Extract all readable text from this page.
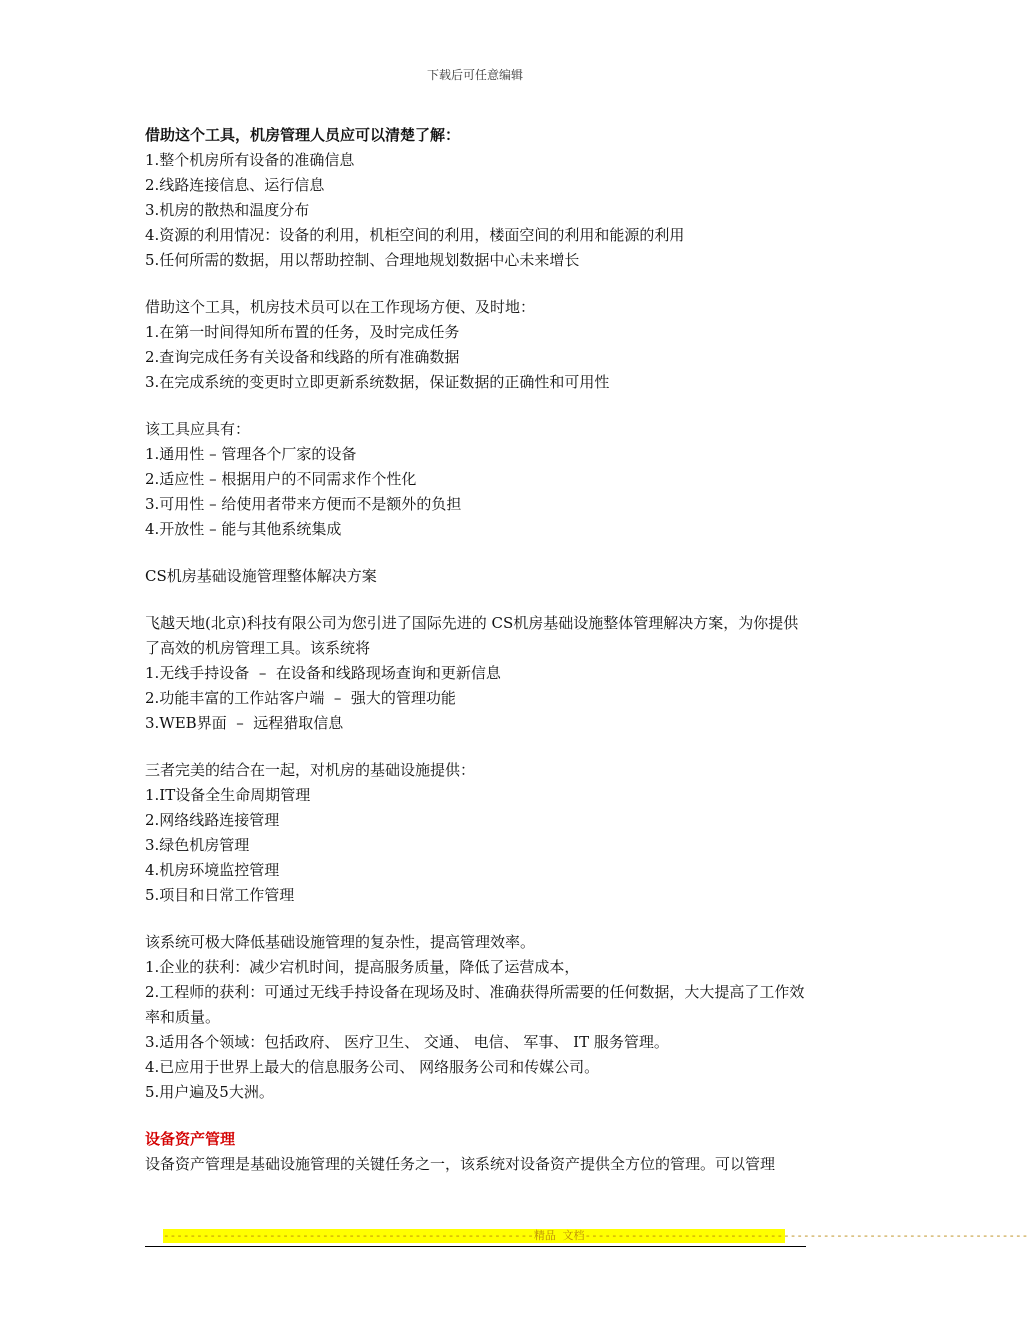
下载后可任意编辑
借助这个工具，机房管理人员应可以清楚了解：
1.整个机房所有设备的准确信息
2.线路连接信息、运行信息
3.机房的散热和温度分布
4.资源的利用情况：设备的利用，机柜空间的利用，楼面空间的利用和能源的利用
5.任何所需的数据，用以帮助控制、合理地规划数据中心未来增长
借助这个工具，机房技术员可以在工作现场方便、及时地：
1.在第一时间得知所布置的任务，及时完成任务
2.查询完成任务有关设备和线路的所有准确数据
3.在完成系统的变更时立即更新系统数据，保证数据的正确性和可用性
该工具应具有：
1.通用性 – 管理各个厂家的设备
2.适应性 – 根据用户的不同需求作个性化
3.可用性 – 给使用者带来方便而不是额外的负担
4.开放性 – 能与其他系统集成
CS机房基础设施管理整体解决方案
飞越天地(北京)科技有限公司为您引进了国际先进的 CS机房基础设施整体管理解决方案，为你提供了高效的机房管理工具。该系统将
1.无线手持设备  –  在设备和线路现场查询和更新信息
2.功能丰富的工作站客户端  –  强大的管理功能
3.WEB界面  –  远程猎取信息
三者完美的结合在一起，对机房的基础设施提供：
1.IT设备全生命周期管理
2.网络线路连接管理
3.绿色机房管理
4.机房环境监控管理
5.项目和日常工作管理
该系统可极大降低基础设施管理的复杂性，提高管理效率。
1.企业的获利：减少宕机时间，提高服务质量，降低了运营成本，
2.工程师的获利：可通过无线手持设备在现场及时、准确获得所需要的任何数据，大大提高了工作效率和质量。
3.适用各个领域：包括政府、 医疗卫生、 交通、 电信、 军事、 IT 服务管理。
4.已应用于世界上最大的信息服务公司、 网络服务公司和传媒公司。
5.用户遍及5大洲。
设备资产管理
设备资产管理是基础设施管理的关键任务之一，该系统对设备资产提供全方位的管理。可以管理
--------------------------------------------------------精品 文档-------------------------------------------------------------------
